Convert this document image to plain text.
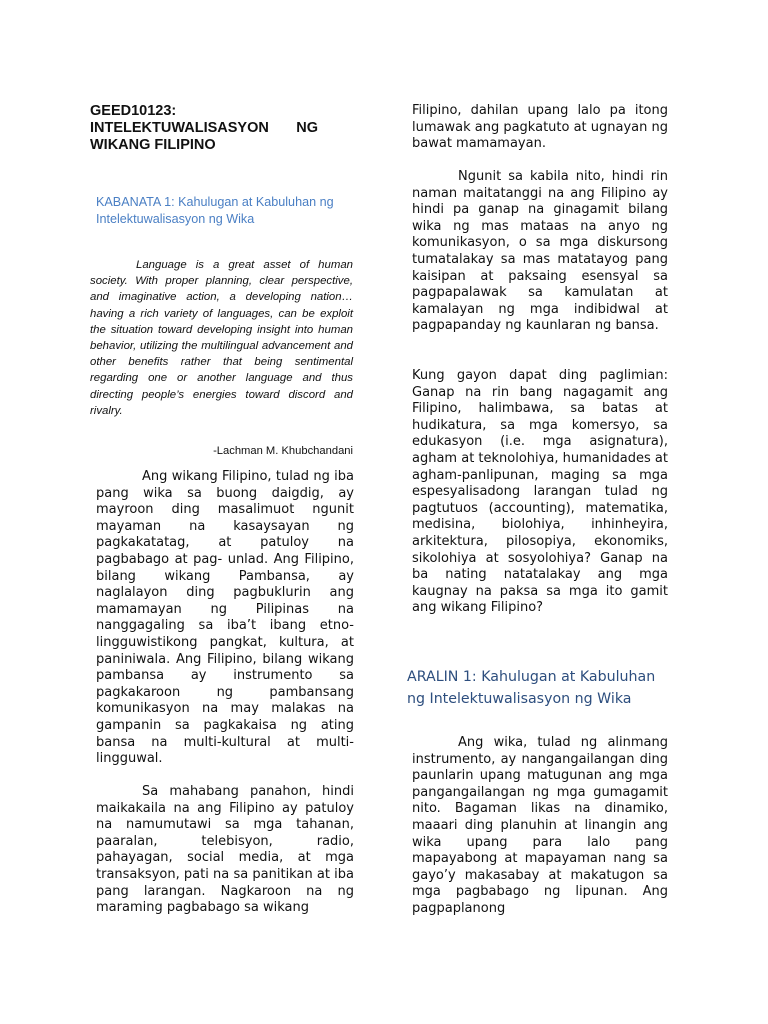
GEED10123: INTELEKTUWALISASYON NG WIKANG FILIPINO
KABANATA 1: Kahulugan at Kabuluhan ng Intelektuwalisasyon ng Wika

Language is a great asset of human society. With proper planning, clear perspective, and imaginative action, a developing nation…having a rich variety of languages, can be exploit the situation toward developing insight into human behavior, utilizing the multilingual advancement and other benefits rather that being sentimental regarding one or another language and thus directing people’s energies toward discord and rivalry.

-Lachman M. Khubchandani

Ang wikang Filipino, tulad ng iba pang wika sa buong daigdig, ay mayroon ding masalimuot ngunit mayaman na kasaysayan ng pagkakatatag, at patuloy na pagbabago at pag- unlad. Ang Filipino, bilang wikang Pambansa, ay naglalayon ding pagbuklurin ang mamamayan ng Pilipinas na nanggagaling sa iba’t ibang etno-lingguwistikong pangkat, kultura, at paniniwala. Ang Filipino, bilang wikang pambansa ay instrumento sa pagkakaroon ng pambansang komunikasyon na may malakas na gampanin sa pagkakaisa ng ating bansa na multi-kultural at multi-lingguwal.

Sa mahabang panahon, hindi maikakaila na ang Filipino ay patuloy na namumutawi sa mga tahanan, paaralan, telebisyon, radio, pahayagan, social media, at mga transaksyon, pati na sa panitikan at iba pang larangan. Nagkaroon na ng maraming pagbabago sa wikang

Filipino, dahilan upang lalo pa itong lumawak ang pagkatuto at ugnayan ng bawat mamamayan.

Ngunit sa kabila nito, hindi rin naman maitatanggi na ang Filipino ay hindi pa ganap na ginagamit bilang wika ng mas mataas na anyo ng komunikasyon, o sa mga diskursong tumatalakay sa mas matatayog pang kaisipan at paksaing esensyal sa pagpapalawak sa kamulatan at kamalayan ng mga indibidwal at pagpapanday ng kaunlaran ng bansa.

Kung gayon dapat ding paglimian: Ganap na rin bang nagagamit ang Filipino, halimbawa, sa batas at hudikatura, sa mga komersyo, sa edukasyon (i.e. mga asignatura), agham at teknolohiya, humanidades at agham-panlipunan, maging sa mga espesyalisadong larangan tulad ng pagtutuos (accounting), matematika, medisina, biolohiya, inhinheyira, arkitektura, pilosopiya, ekonomiks, sikolohiya at sosyolohiya? Ganap na ba nating natatalakay ang mga kaugnay na paksa sa mga ito gamit ang wikang Filipino?

ARALIN 1: Kahulugan at Kabuluhan ng Intelektuwalisasyon ng Wika

Ang wika, tulad ng alinmang instrumento, ay nangangailangan ding paunlarin upang matugunan ang mga pangangailangan ng mga gumagamit nito. Bagaman likas na dinamiko, maaari ding planuhin at linangin ang wika upang para lalo pang mapayabong at mapayaman nang sa gayo’y makasabay at makatugon sa mga pagbabago ng lipunan. Ang pagpaplanong
